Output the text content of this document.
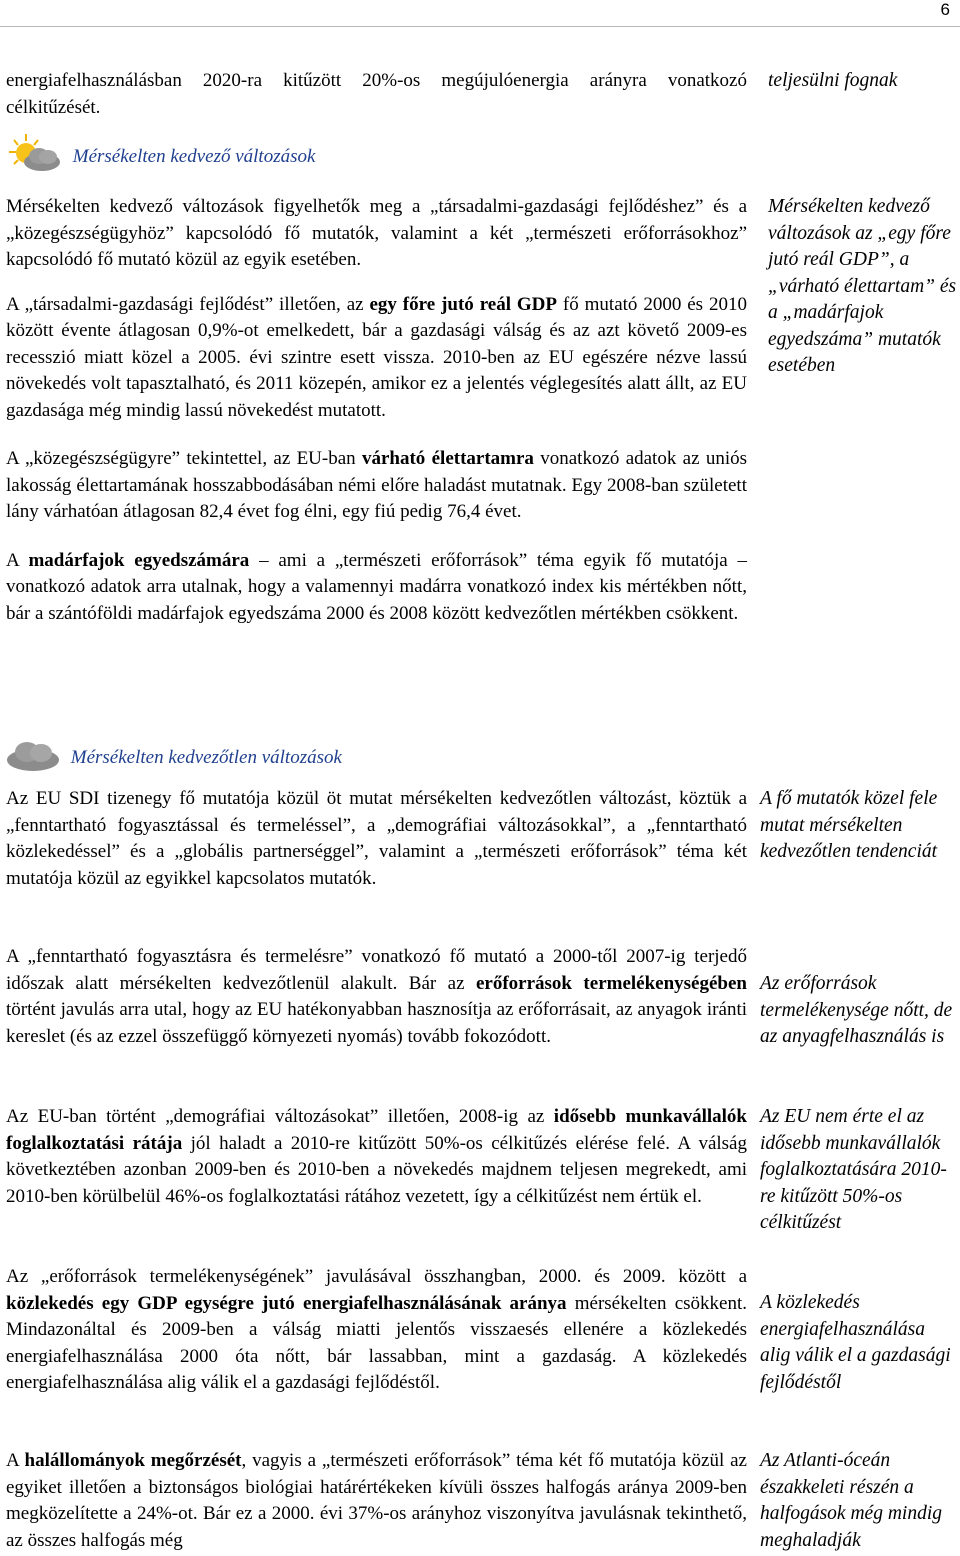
6

energiafelhasználásban 2020-ra kitűzött 20%-os megújulóenergia arányra vonatkozó célkitűzését.

teljesülni fognak

Mérsékelten kedvező változások

Mérsékelten kedvező változások figyelhetők meg a „társadalmi-gazdasági fejlődéshez” és a „közegészségügyhöz” kapcsolódó fő mutatók, valamint a két „természeti erőforrásokhoz” kapcsolódó fő mutató közül az egyik esetében.

A „társadalmi-gazdasági fejlődést” illetően, az egy főre jutó reál GDP fő mutató 2000 és 2010 között évente átlagosan 0,9%-ot emelkedett, bár a gazdasági válság és az azt követő 2009-es recesszió miatt közel a 2005. évi szintre esett vissza. 2010-ben az EU egészére nézve lassú növekedés volt tapasztalható, és 2011 közepén, amikor ez a jelentés véglegesítés alatt állt, az EU gazdasága még mindig lassú növekedést mutatott.

A „közegészségügyre” tekintettel, az EU-ban várható élettartamra vonatkozó adatok az uniós lakosság élettartamának hosszabbodásában némi előre haladást mutatnak. Egy 2008-ban született lány várhatóan átlagosan 82,4 évet fog élni, egy fiú pedig 76,4 évet.

A madárfajok egyedszámára – ami a „természeti erőforrások” téma egyik fő mutatója – vonatkozó adatok arra utalnak, hogy a valamennyi madárra vonatkozó index kis mértékben nőtt, bár a szántóföldi madárfajok egyedszáma 2000 és 2008 között kedvezőtlen mértékben csökkent.

Mérsékelten kedvező változások az „egy főre jutó reál GDP”, a „várható élettartam” és a „madárfajok egyedszáma” mutatók esetében

Mérsékelten kedvezőtlen változások

Az EU SDI tizenegy fő mutatója közül öt mutat mérsékelten kedvezőtlen változást, köztük a „fenntartható fogyasztással és termeléssel”, a „demográfiai változásokkal”, a „fenntartható közlekedéssel” és a „globális partnerséggel”, valamint a „természeti erőforrások” téma két mutatója közül az egyikkel kapcsolatos mutatók.

A fő mutatók közel fele mutat mérsékelten kedvezőtlen tendenciát

A „fenntartható fogyasztásra és termelésre” vonatkozó fő mutató a 2000-től 2007-ig terjedő időszak alatt mérsékelten kedvezőtlenül alakult. Bár az erőforrások termelékenységében történt javulás arra utal, hogy az EU hatékonyabban hasznosítja az erőforrásait, az anyagok iránti kereslet (és az ezzel összefüggő környezeti nyomás) tovább fokozódott.

Az erőforrások termelékenysége nőtt, de az anyagfelhasználás is

Az EU-ban történt „demográfiai változásokat” illetően, 2008-ig az idősebb munkavállalók foglalkoztatási rátája jól haladt a 2010-re kitűzött 50%-os célkitűzés elérése felé. A válság következtében azonban 2009-ben és 2010-ben a növekedés majdnem teljesen megrekedt, ami 2010-ben körülbelül 46%-os foglalkoztatási rátához vezetett, így a célkitűzést nem értük el.

Az EU nem érte el az idősebb munkavállalók foglalkoztatására 2010-re kitűzött 50%-os célkitűzést

Az „erőforrások termelékenységének” javulásával összhangban, 2000. és 2009. között a közlekedés egy GDP egységre jutó energiafelhasználásának aránya mérsékelten csökkent. Mindazonáltal és 2009-ben a válság miatti jelentős visszaesés ellenére a közlekedés energiafelhasználása 2000 óta nőtt, bár lassabban, mint a gazdaság. A közlekedés energiafelhasználása alig válik el a gazdasági fejlődéstől.

A közlekedés energiafelhasználása alig válik el a gazdasági fejlődéstől

A halállományok megőrzését, vagyis a „természeti erőforrások” téma két fő mutatója közül az egyiket illetően a biztonságos biológiai határértékeken kívüli összes halfogás aránya 2009-ben megközelítette a 24%-ot. Bár ez a 2000. évi 37%-os arányhoz viszonyítva javulásnak tekinthető, az összes halfogás még

Az Atlanti-óceán északkeleti részén a halfogások még mindig meghaladják
